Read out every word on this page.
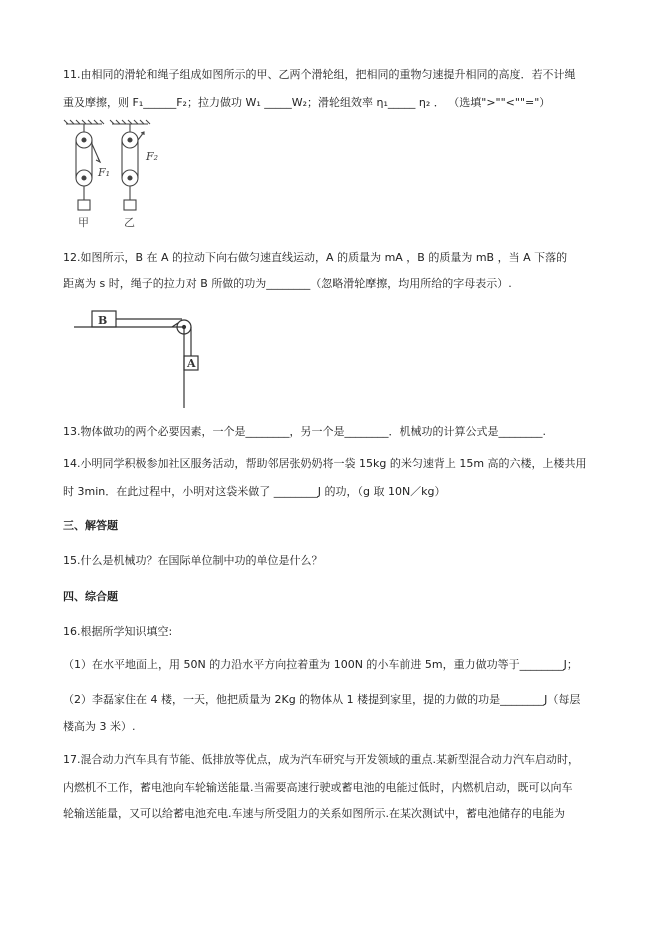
11.由相同的滑轮和绳子组成如图所示的甲、乙两个滑轮组，把相同的重物匀速提升相同的高度．若不计绳
重及摩擦，则 F₁______F₂；拉力做功 W₁ _____W₂；滑轮组效率 η₁_____ η₂ ． （选填">""<""="）
F₁
甲
F₂
乙
12.如图所示，B 在 A 的拉动下向右做匀速直线运动，A 的质量为 mA ，B 的质量为 mB ，当 A 下落的
距离为 s 时，绳子的拉力对 B 所做的功为________（忽略滑轮摩擦，均用所给的字母表示）.
B
A
13.物体做功的两个必要因素，一个是________，另一个是________．机械功的计算公式是________.
14.小明同学积极参加社区服务活动，帮助邻居张奶奶将一袋 15kg 的米匀速背上 15m 高的六楼，上楼共用
时 3min．在此过程中，小明对这袋米做了 ________J 的功，（g 取 10N／kg）
三、解答题
15.什么是机械功？在国际单位制中功的单位是什么？
四、综合题
16.根据所学知识填空:
（1）在水平地面上，用 50N 的力沿水平方向拉着重为 100N 的小车前进 5m，重力做功等于________J；
（2）李磊家住在 4 楼，一天，他把质量为 2Kg 的物体从 1 楼提到家里，提的力做的功是________J（每层
楼高为 3 米）.
17.混合动力汽车具有节能、低排放等优点，成为汽车研究与开发领域的重点.某新型混合动力汽车启动时，
内燃机不工作，蓄电池向车轮输送能量.当需要高速行驶或蓄电池的电能过低时，内燃机启动，既可以向车
轮输送能量，又可以给蓄电池充电.车速与所受阻力的关系如图所示.在某次测试中，蓄电池储存的电能为
